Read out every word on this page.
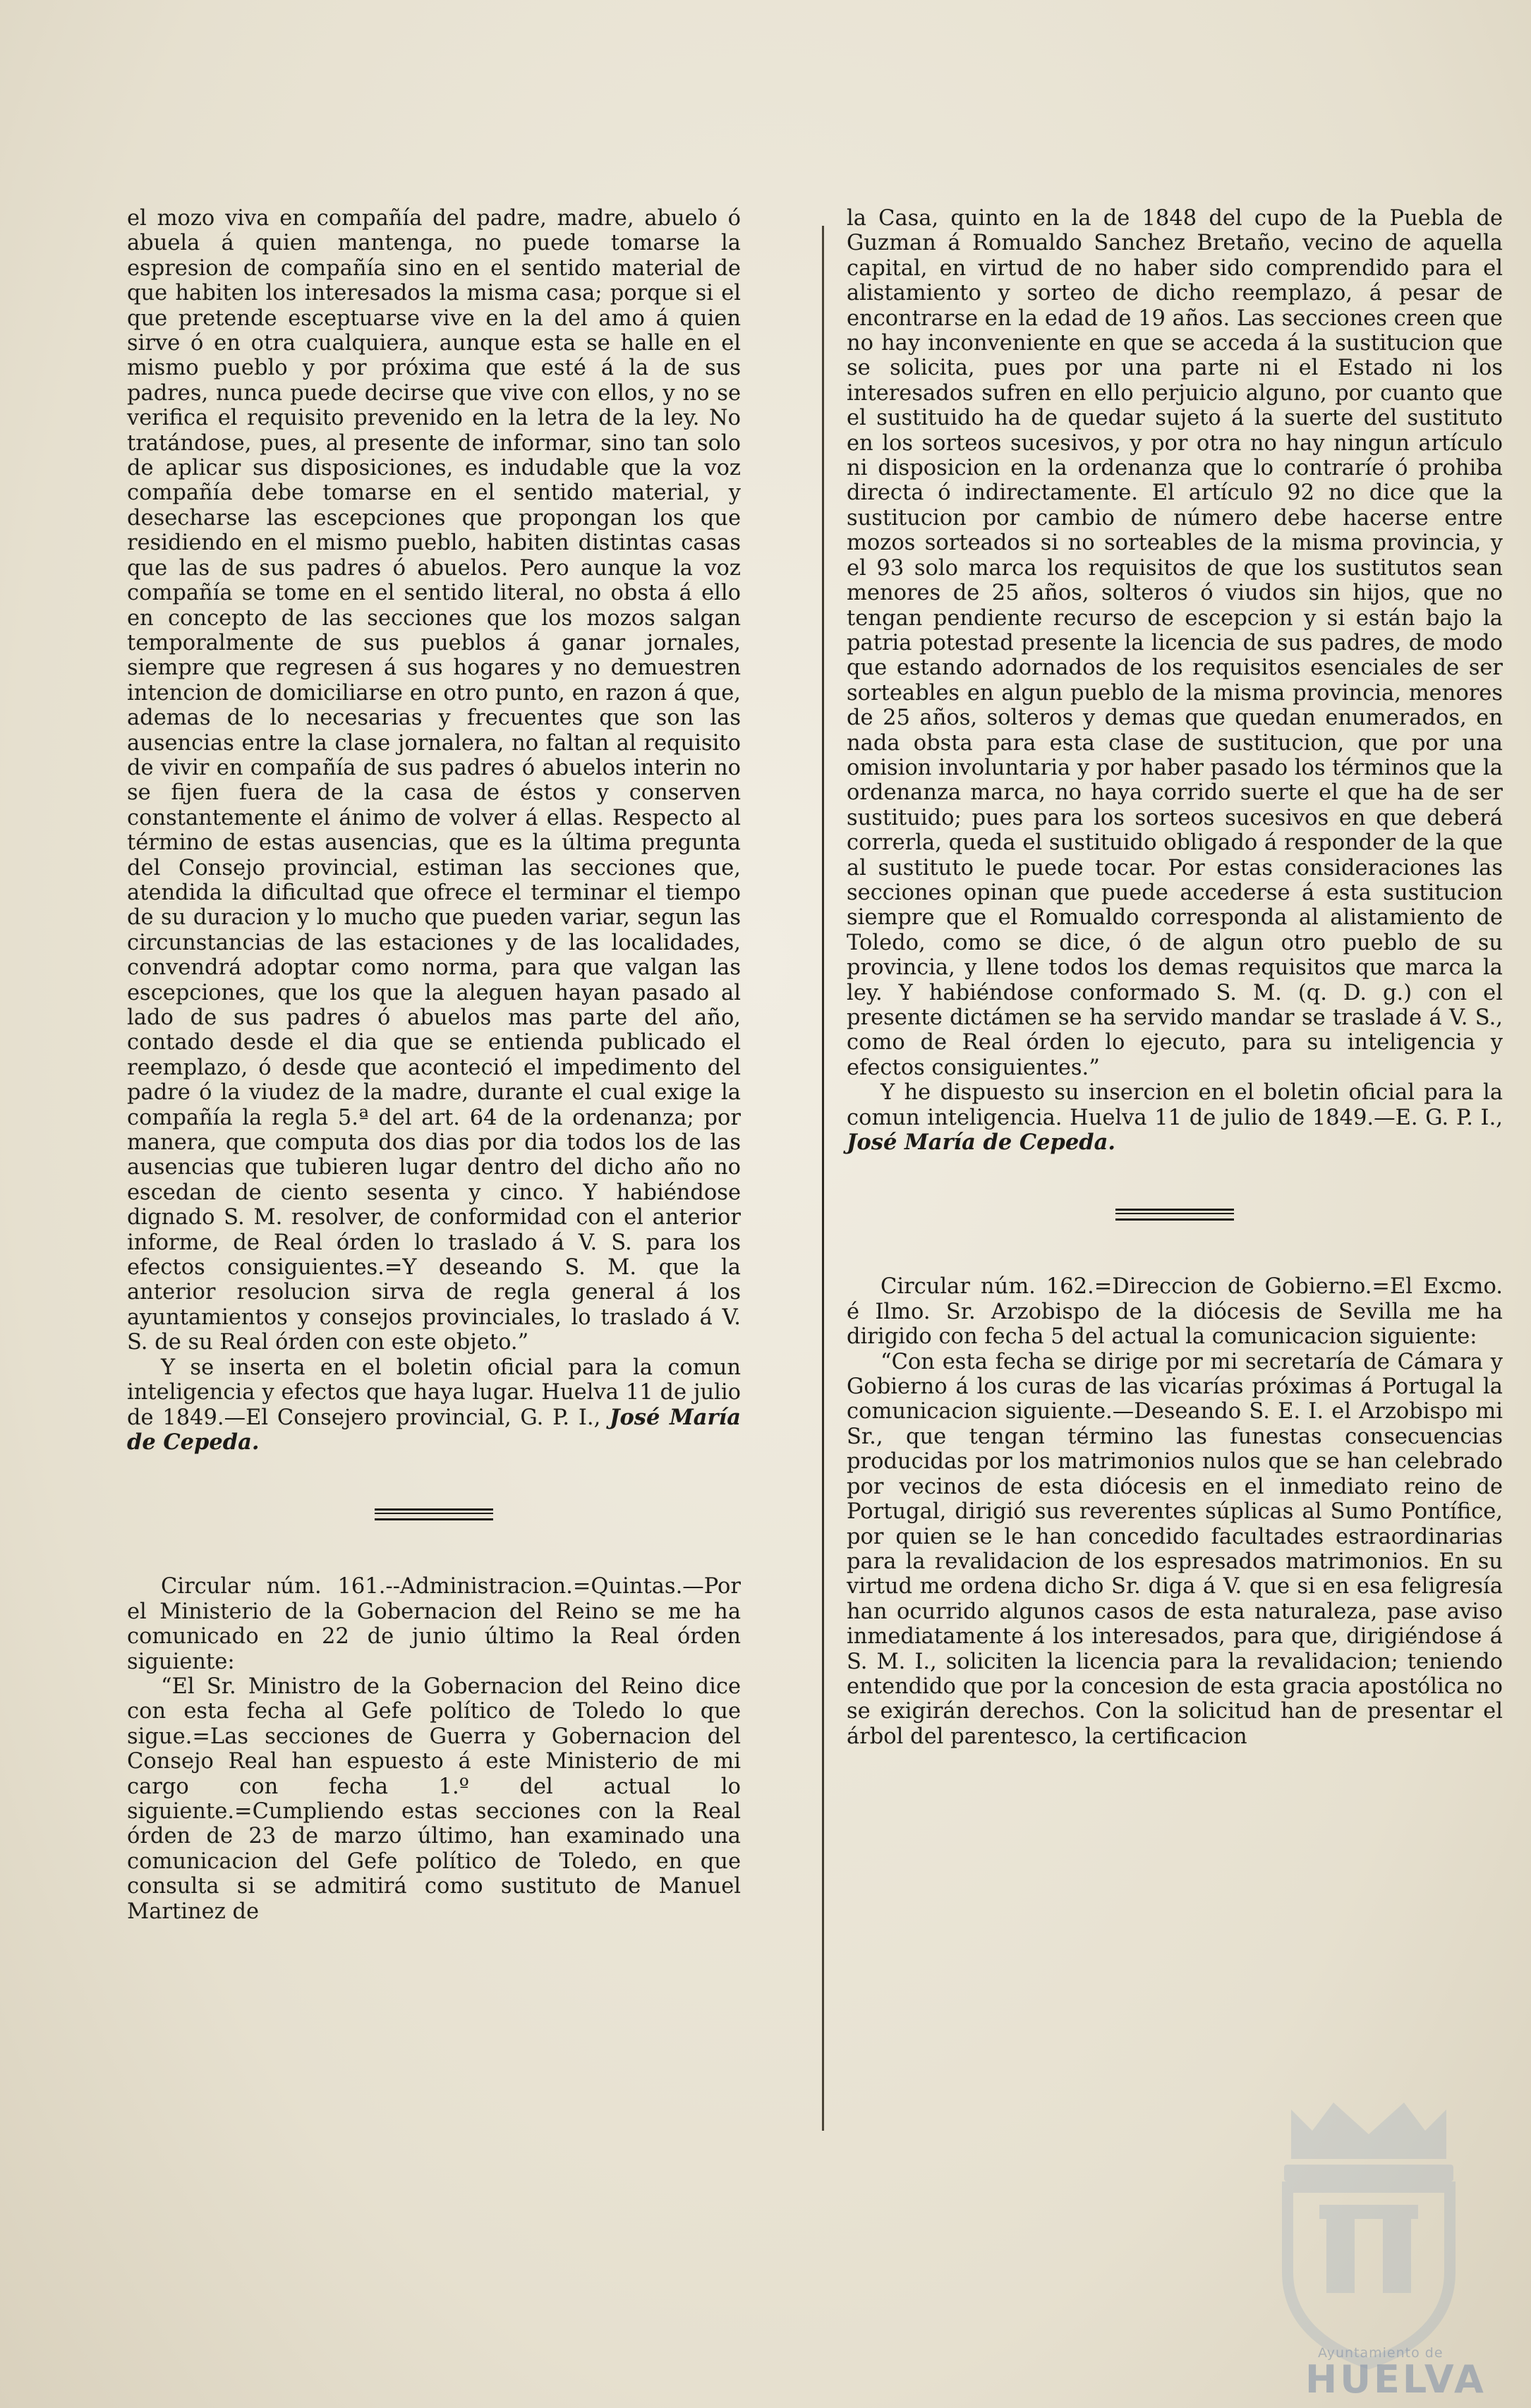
el mozo viva en compañía del padre, madre, abuelo ó abuela á quien mantenga, no puede tomarse la espresion de compañía sino en el sentido material de que habiten los interesados la misma casa; porque si el que pretende esceptuarse vive en la del amo á quien sirve ó en otra cualquiera, aunque esta se halle en el mismo pueblo y por próxima que esté á la de sus padres, nunca puede decirse que vive con ellos, y no se verifica el requisito prevenido en la letra de la ley. No tratándose, pues, al presente de informar, sino tan solo de aplicar sus disposiciones, es indudable que la voz compañía debe tomarse en el sentido material, y desecharse las escepciones que propongan los que residiendo en el mismo pueblo, habiten distintas casas que las de sus padres ó abuelos. Pero aunque la voz compañía se tome en el sentido literal, no obsta á ello en concepto de las secciones que los mozos salgan temporalmente de sus pueblos á ganar jornales, siempre que regresen á sus hogares y no demuestren intencion de domiciliarse en otro punto, en razon á que, ademas de lo necesarias y frecuentes que son las ausencias entre la clase jornalera, no faltan al requisito de vivir en compañía de sus padres ó abuelos interin no se fijen fuera de la casa de éstos y conserven constantemente el ánimo de volver á ellas. Respecto al término de estas ausencias, que es la última pregunta del Consejo provincial, estiman las secciones que, atendida la dificultad que ofrece el terminar el tiempo de su duracion y lo mucho que pueden variar, segun las circunstancias de las estaciones y de las localidades, convendrá adoptar como norma, para que valgan las escepciones, que los que la aleguen hayan pasado al lado de sus padres ó abuelos mas parte del año, contado desde el dia que se entienda publicado el reemplazo, ó desde que aconteció el impedimento del padre ó la viudez de la madre, durante el cual exige la compañía la regla 5.ª del art. 64 de la ordenanza; por manera, que computa dos dias por dia todos los de las ausencias que tubieren lugar dentro del dicho año no escedan de ciento sesenta y cinco. Y habiéndose dignado S. M. resolver, de conformidad con el anterior informe, de Real órden lo traslado á V. S. para los efectos consiguientes.=Y deseando S. M. que la anterior resolucion sirva de regla general á los ayuntamientos y consejos provinciales, lo traslado á V. S. de su Real órden con este objeto.”

Y se inserta en el boletin oficial para la comun inteligencia y efectos que haya lugar. Huelva 11 de julio de 1849.—El Consejero provincial, G. P. I., José María de Cepeda.

Circular núm. 161.--Administracion.=Quintas.—Por el Ministerio de la Gobernacion del Reino se me ha comunicado en 22 de junio último la Real órden siguiente:

“El Sr. Ministro de la Gobernacion del Reino dice con esta fecha al Gefe político de Toledo lo que sigue.=Las secciones de Guerra y Gobernacion del Consejo Real han espuesto á este Ministerio de mi cargo con fecha 1.º del actual lo siguiente.=Cumpliendo estas secciones con la Real órden de 23 de marzo último, han examinado una comunicacion del Gefe político de Toledo, en que consulta si se admitirá como sustituto de Manuel Martinez de

la Casa, quinto en la de 1848 del cupo de la Puebla de Guzman á Romualdo Sanchez Bretaño, vecino de aquella capital, en virtud de no haber sido comprendido para el alistamiento y sorteo de dicho reemplazo, á pesar de encontrarse en la edad de 19 años. Las secciones creen que no hay inconveniente en que se acceda á la sustitucion que se solicita, pues por una parte ni el Estado ni los interesados sufren en ello perjuicio alguno, por cuanto que el sustituido ha de quedar sujeto á la suerte del sustituto en los sorteos sucesivos, y por otra no hay ningun artículo ni disposicion en la ordenanza que lo contraríe ó prohiba directa ó indirectamente. El artículo 92 no dice que la sustitucion por cambio de número debe hacerse entre mozos sorteados si no sorteables de la misma provincia, y el 93 solo marca los requisitos de que los sustitutos sean menores de 25 años, solteros ó viudos sin hijos, que no tengan pendiente recurso de escepcion y si están bajo la patria potestad presente la licencia de sus padres, de modo que estando adornados de los requisitos esenciales de ser sorteables en algun pueblo de la misma provincia, menores de 25 años, solteros y demas que quedan enumerados, en nada obsta para esta clase de sustitucion, que por una omision involuntaria y por haber pasado los términos que la ordenanza marca, no haya corrido suerte el que ha de ser sustituido; pues para los sorteos sucesivos en que deberá correrla, queda el sustituido obligado á responder de la que al sustituto le puede tocar. Por estas consideraciones las secciones opinan que puede accederse á esta sustitucion siempre que el Romualdo corresponda al alistamiento de Toledo, como se dice, ó de algun otro pueblo de su provincia, y llene todos los demas requisitos que marca la ley. Y habiéndose conformado S. M. (q. D. g.) con el presente dictámen se ha servido mandar se traslade á V. S., como de Real órden lo ejecuto, para su inteligencia y efectos consiguientes.”

Y he dispuesto su insercion en el boletin oficial para la comun inteligencia. Huelva 11 de julio de 1849.—E. G. P. I., José María de Cepeda.

Circular núm. 162.=Direccion de Gobierno.=El Excmo. é Ilmo. Sr. Arzobispo de la diócesis de Sevilla me ha dirigido con fecha 5 del actual la comunicacion siguiente:

“Con esta fecha se dirige por mi secretaría de Cámara y Gobierno á los curas de las vicarías próximas á Portugal la comunicacion siguiente.—Deseando S. E. I. el Arzobispo mi Sr., que tengan término las funestas consecuencias producidas por los matrimonios nulos que se han celebrado por vecinos de esta diócesis en el inmediato reino de Portugal, dirigió sus reverentes súplicas al Sumo Pontífice, por quien se le han concedido facultades estraordinarias para la revalidacion de los espresados matrimonios. En su virtud me ordena dicho Sr. diga á V. que si en esa feligresía han ocurrido algunos casos de esta naturaleza, pase aviso inmediatamente á los interesados, para que, dirigiéndose á S. M. I., soliciten la licencia para la revalidacion; teniendo entendido que por la concesion de esta gracia apostólica no se exigirán derechos. Con la solicitud han de presentar el árbol del parentesco, la certificacion

Ayuntamiento de
HUELVA
